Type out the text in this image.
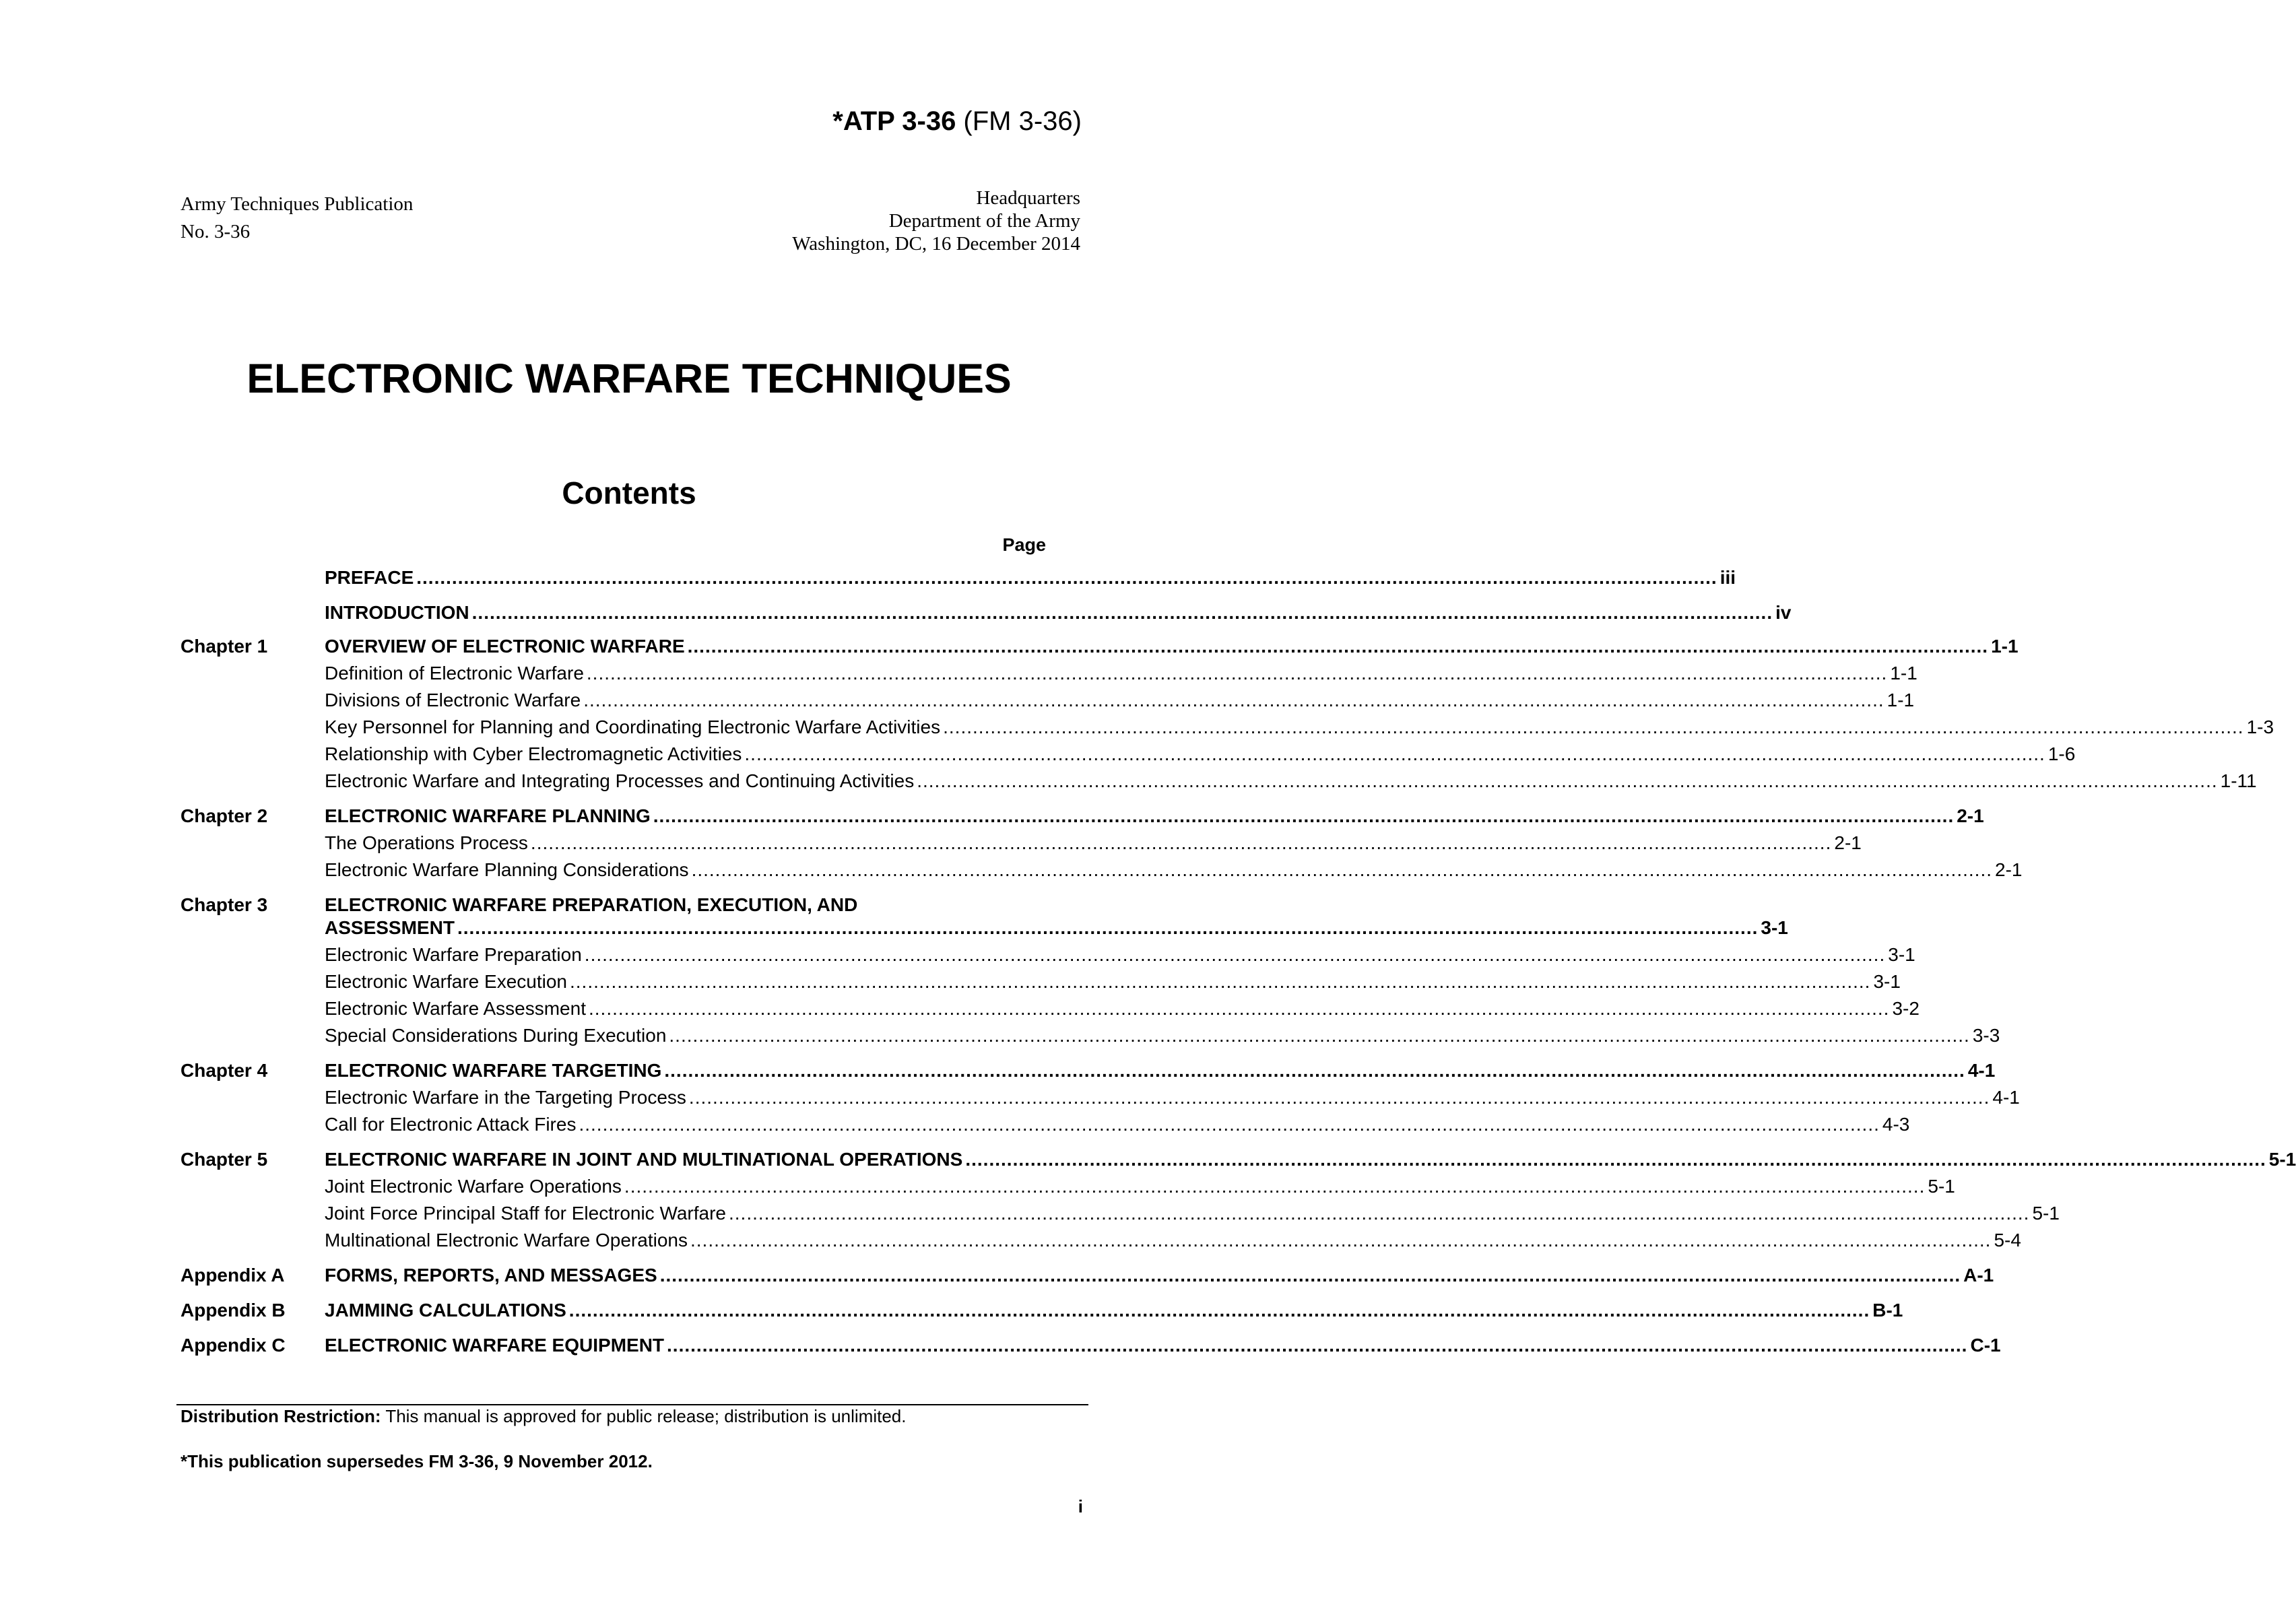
*ATP 3-36 (FM 3-36)
Army Techniques Publication
No. 3-36
Headquarters
Department of the Army
Washington, DC, 16 December 2014
ELECTRONIC WARFARE TECHNIQUES
Contents
Page
PREFACE ............................................................................................................................................................................................................................ iii
INTRODUCTION ............................................................................................................................................................................................................................ iv
Chapter 1	OVERVIEW OF ELECTRONIC WARFARE ............................................................................................................................................................................................................................ 1-1
Definition of Electronic Warfare ............................................................................................................................................................................................................................ 1-1
Divisions of Electronic Warfare ............................................................................................................................................................................................................................ 1-1
Key Personnel for Planning and Coordinating Electronic Warfare Activities ............................................................................................................................................................................................................................ 1-3
Relationship with Cyber Electromagnetic Activities ............................................................................................................................................................................................................................ 1-6
Electronic Warfare and Integrating Processes and Continuing Activities ............................................................................................................................................................................................................................ 1-11
Chapter 2	ELECTRONIC WARFARE PLANNING ............................................................................................................................................................................................................................ 2-1
The Operations Process ............................................................................................................................................................................................................................ 2-1
Electronic Warfare Planning Considerations ............................................................................................................................................................................................................................ 2-1
Chapter 3	ELECTRONIC WARFARE PREPARATION, EXECUTION, AND
ASSESSMENT ............................................................................................................................................................................................................................ 3-1
Electronic Warfare Preparation ............................................................................................................................................................................................................................ 3-1
Electronic Warfare Execution ............................................................................................................................................................................................................................ 3-1
Electronic Warfare Assessment ............................................................................................................................................................................................................................ 3-2
Special Considerations During Execution ............................................................................................................................................................................................................................ 3-3
Chapter 4	ELECTRONIC WARFARE TARGETING ............................................................................................................................................................................................................................ 4-1
Electronic Warfare in the Targeting Process ............................................................................................................................................................................................................................ 4-1
Call for Electronic Attack Fires ............................................................................................................................................................................................................................ 4-3
Chapter 5	ELECTRONIC WARFARE IN JOINT AND MULTINATIONAL OPERATIONS ............................................................................................................................................................................................................................ 5-1
Joint Electronic Warfare Operations ............................................................................................................................................................................................................................ 5-1
Joint Force Principal Staff for Electronic Warfare ............................................................................................................................................................................................................................ 5-1
Multinational Electronic Warfare Operations ............................................................................................................................................................................................................................ 5-4
Appendix A FORMS, REPORTS, AND MESSAGES ............................................................................................................................................................................................................................ A-1
Appendix B JAMMING CALCULATIONS ............................................................................................................................................................................................................................ B-1
Appendix C ELECTRONIC WARFARE EQUIPMENT ............................................................................................................................................................................................................................ C-1
Distribution Restriction: This manual is approved for public release; distribution is unlimited.
*This publication supersedes FM 3-36, 9 November 2012.
i
